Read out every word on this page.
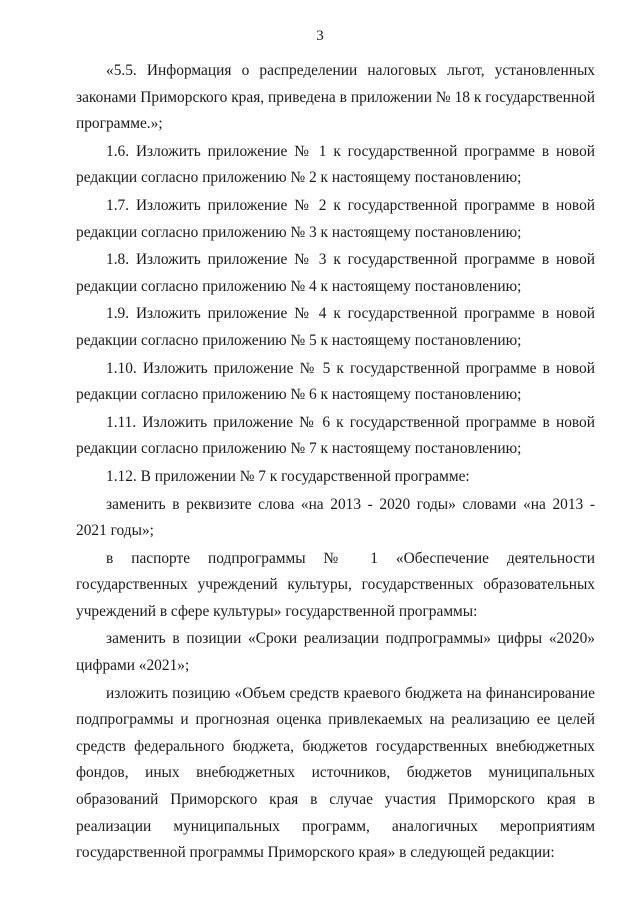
3

«5.5. Информация о распределении налоговых льгот, установленных законами Приморского края, приведена в приложении № 18 к государственной программе.»;

1.6. Изложить приложение № 1 к государственной программе в новой редакции согласно приложению № 2 к настоящему постановлению;

1.7. Изложить приложение № 2 к государственной программе в новой редакции согласно приложению № 3 к настоящему постановлению;

1.8. Изложить приложение № 3 к государственной программе в новой редакции согласно приложению № 4 к настоящему постановлению;

1.9. Изложить приложение № 4 к государственной программе в новой редакции согласно приложению № 5 к настоящему постановлению;

1.10. Изложить приложение № 5 к государственной программе в новой редакции согласно приложению № 6 к настоящему постановлению;

1.11. Изложить приложение № 6 к государственной программе в новой редакции согласно приложению № 7 к настоящему постановлению;

1.12. В приложении № 7 к государственной программе:

заменить в реквизите слова «на 2013 - 2020 годы» словами «на 2013 - 2021 годы»;

в паспорте подпрограммы № 1 «Обеспечение деятельности государственных учреждений культуры, государственных образовательных учреждений в сфере культуры» государственной программы:

заменить в позиции «Сроки реализации подпрограммы» цифры «2020» цифрами «2021»;

изложить позицию «Объем средств краевого бюджета на финансирование подпрограммы и прогнозная оценка привлекаемых на реализацию ее целей средств федерального бюджета, бюджетов государственных внебюджетных фондов, иных внебюджетных источников, бюджетов муниципальных образований Приморского края в случае участия Приморского края в реализации муниципальных программ, аналогичных мероприятиям государственной программы Приморского края» в следующей редакции:
